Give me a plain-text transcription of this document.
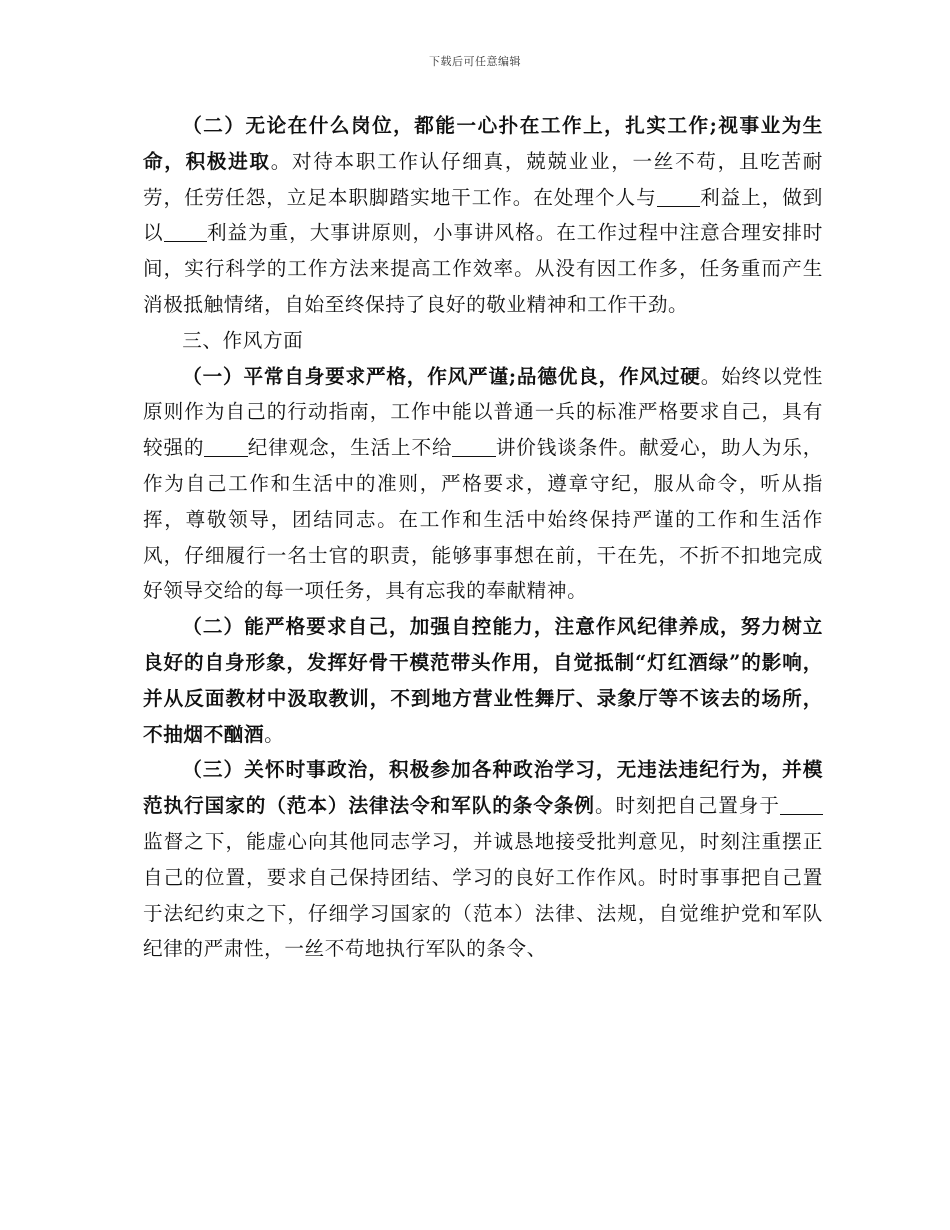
下载后可任意编辑

（二）无论在什么岗位，都能一心扑在工作上，扎实工作;视事业为生命，积极进取。对待本职工作认仔细真，兢兢业业，一丝不苟，且吃苦耐劳，任劳任怨，立足本职脚踏实地干工作。在处理个人与 利益上，做到以 利益为重，大事讲原则，小事讲风格。在工作过程中注意合理安排时间，实行科学的工作方法来提高工作效率。从没有因工作多，任务重而产生消极抵触情绪，自始至终保持了良好的敬业精神和工作干劲。

三、作风方面

（一）平常自身要求严格，作风严谨;品德优良，作风过硬。始终以党性原则作为自己的行动指南，工作中能以普通一兵的标准严格要求自己，具有较强的 纪律观念，生活上不给 讲价钱谈条件。献爱心，助人为乐，作为自己工作和生活中的准则，严格要求，遵章守纪，服从命令，听从指挥，尊敬领导，团结同志。在工作和生活中始终保持严谨的工作和生活作风，仔细履行一名士官的职责，能够事事想在前，干在先，不折不扣地完成好领导交给的每一项任务，具有忘我的奉献精神。

（二）能严格要求自己，加强自控能力，注意作风纪律养成，努力树立良好的自身形象，发挥好骨干模范带头作用，自觉抵制“灯红酒绿”的影响，并从反面教材中汲取教训，不到地方营业性舞厅、录象厅等不该去的场所，不抽烟不酗酒。

（三）关怀时事政治，积极参加各种政治学习，无违法违纪行为，并模范执行国家的（范本）法律法令和军队的条令条例。时刻把自己置身于监督之下，能虚心向其他同志学习，并诚恳地接受批判意见，时刻注重摆正自己的位置，要求自己保持团结、学习的良好工作作风。时时事事把自己置于法纪约束之下，仔细学习国家的（范本）法律、法规，自觉维护党和军队纪律的严肃性，一丝不苟地执行军队的条令、
